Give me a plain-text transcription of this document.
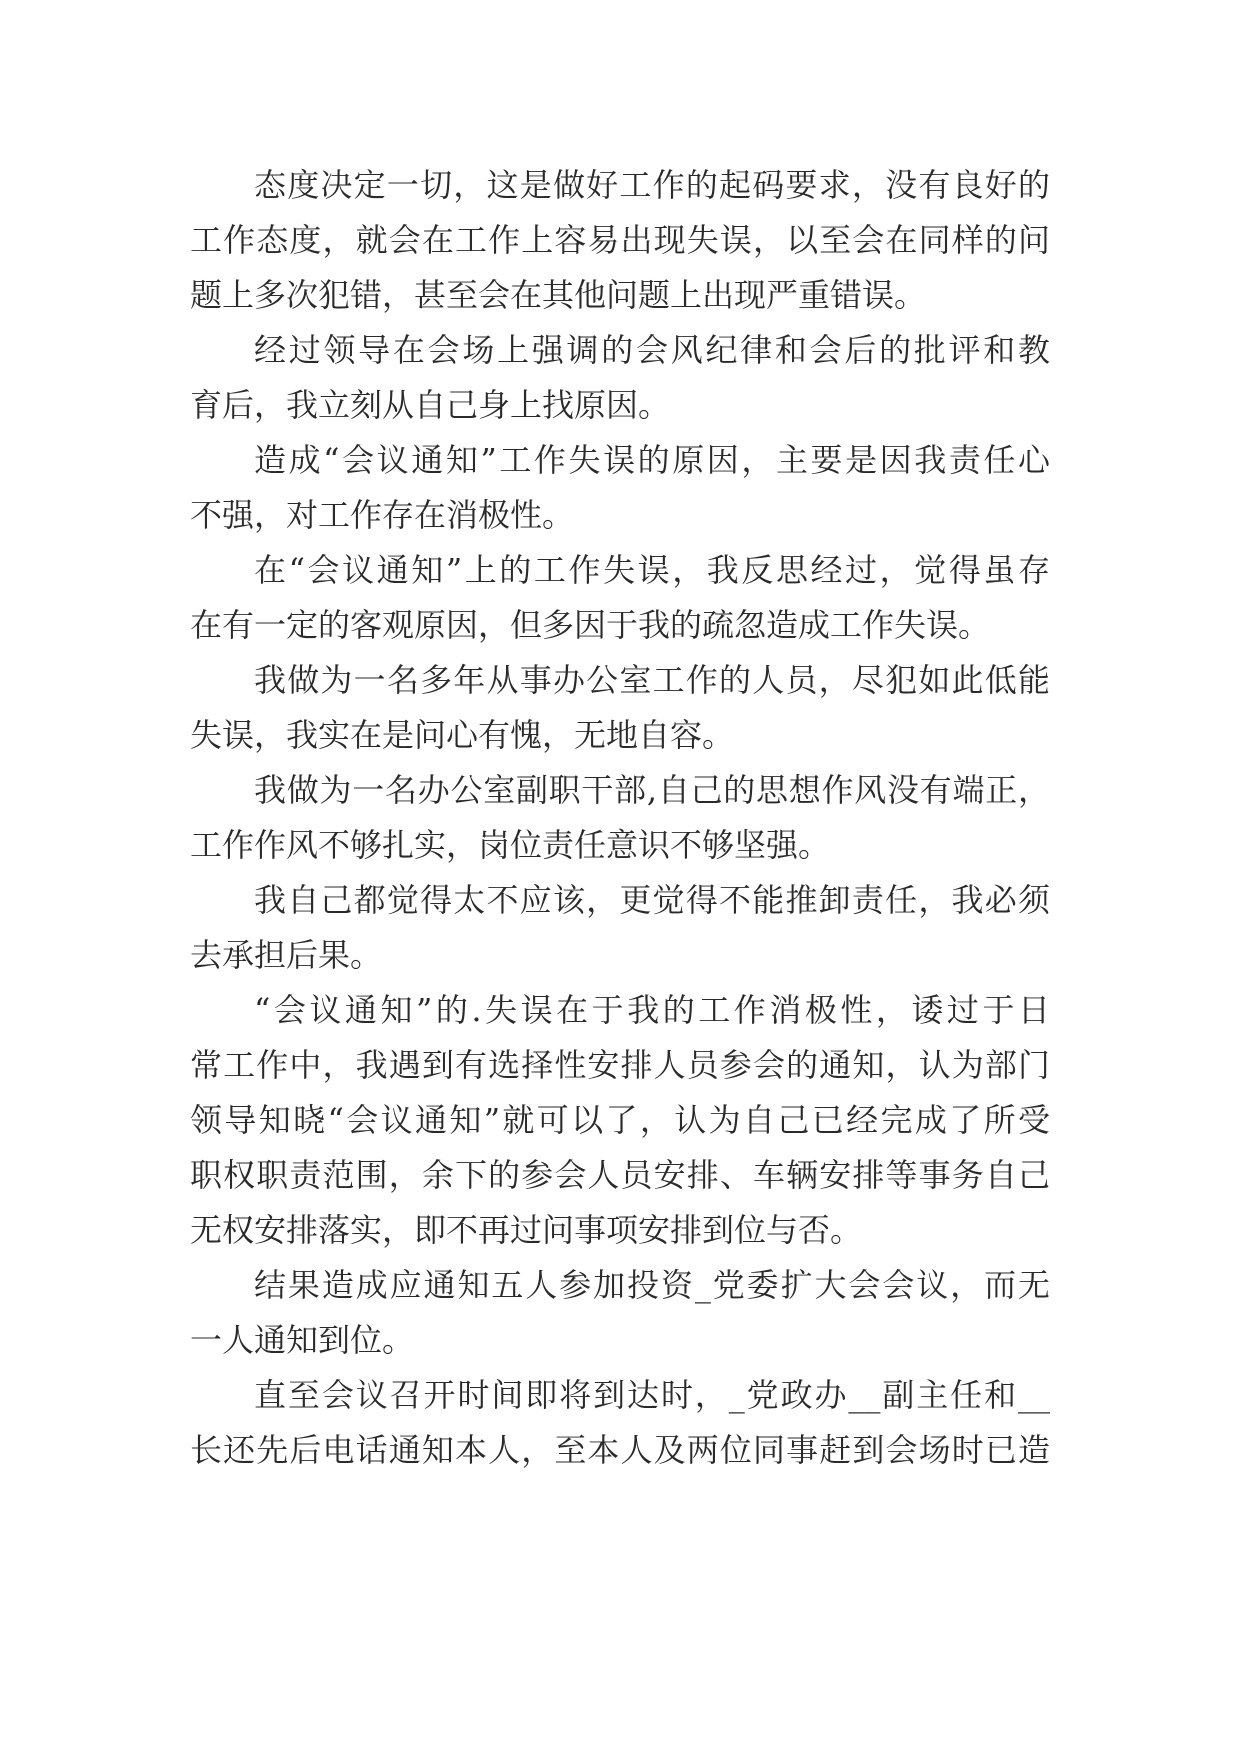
态度决定一切，这是做好工作的起码要求，没有良好的
工作态度，就会在工作上容易出现失误，以至会在同样的问
题上多次犯错，甚至会在其他问题上出现严重错误。
经过领导在会场上强调的会风纪律和会后的批评和教
育后，我立刻从自己身上找原因。
造成“会议通知”工作失误的原因，主要是因我责任心
不强，对工作存在消极性。
在“会议通知”上的工作失误，我反思经过，觉得虽存
在有一定的客观原因，但多因于我的疏忽造成工作失误。
我做为一名多年从事办公室工作的人员，尽犯如此低能
失误，我实在是问心有愧，无地自容。
我做为一名办公室副职干部,自己的思想作风没有端正，
工作作风不够扎实，岗位责任意识不够坚强。
我自己都觉得太不应该，更觉得不能推卸责任，我必须
去承担后果。
“会议通知”的.失误在于我的工作消极性，诿过于日
常工作中，我遇到有选择性安排人员参会的通知，认为部门
领导知晓“会议通知”就可以了，认为自己已经完成了所受
职权职责范围，余下的参会人员安排、车辆安排等事务自己
无权安排落实，即不再过问事项安排到位与否。
结果造成应通知五人参加投资_党委扩大会会议，而无
一人通知到位。
直至会议召开时间即将到达时，_党政办__副主任和__
长还先后电话通知本人，至本人及两位同事赶到会场时已造
